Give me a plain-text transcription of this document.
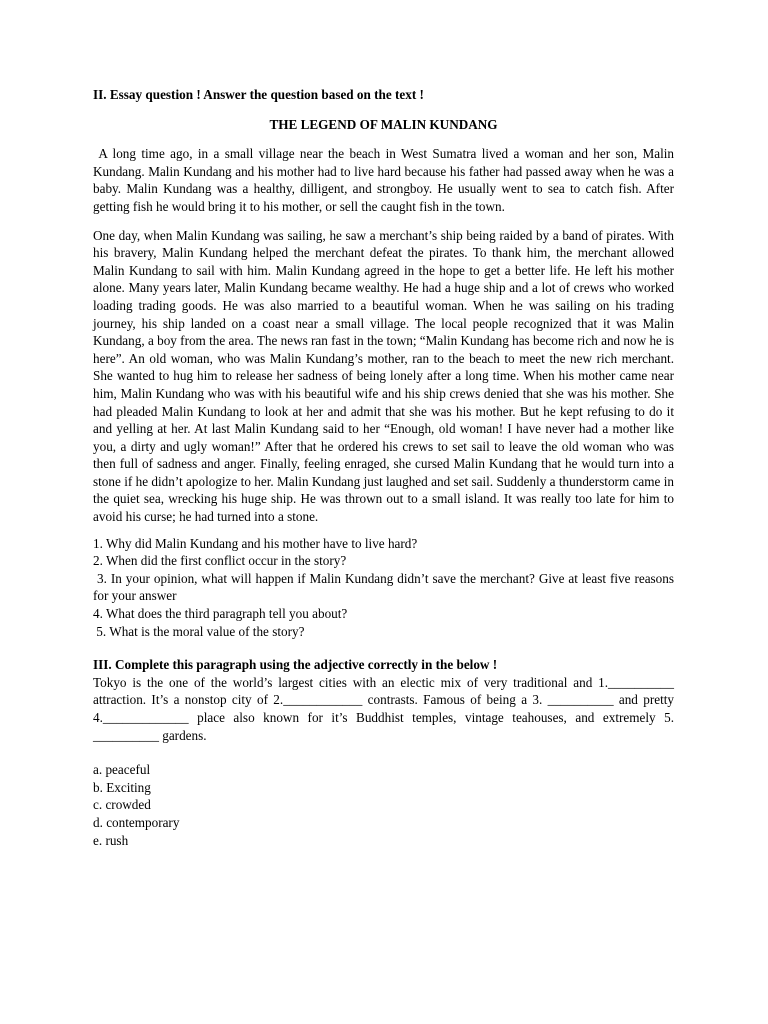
II. Essay question ! Answer the question based on the text !

THE LEGEND OF MALIN KUNDANG

A long time ago, in a small village near the beach in West Sumatra lived a woman and her son, Malin Kundang. Malin Kundang and his mother had to live hard because his father had passed away when he was a baby. Malin Kundang was a healthy, dilligent, and strongboy. He usually went to sea to catch fish. After getting fish he would bring it to his mother, or sell the caught fish in the town.

One day, when Malin Kundang was sailing, he saw a merchant’s ship being raided by a band of pirates. With his bravery, Malin Kundang helped the merchant defeat the pirates. To thank him, the merchant allowed Malin Kundang to sail with him. Malin Kundang agreed in the hope to get a better life. He left his mother alone. Many years later, Malin Kundang became wealthy. He had a huge ship and a lot of crews who worked loading trading goods. He was also married to a beautiful woman. When he was sailing on his trading journey, his ship landed on a coast near a small village. The local people recognized that it was Malin Kundang, a boy from the area. The news ran fast in the town; “Malin Kundang has become rich and now he is here”. An old woman, who was Malin Kundang’s mother, ran to the beach to meet the new rich merchant. She wanted to hug him to release her sadness of being lonely after a long time. When his mother came near him, Malin Kundang who was with his beautiful wife and his ship crews denied that she was his mother. She had pleaded Malin Kundang to look at her and admit that she was his mother. But he kept refusing to do it and yelling at her. At last Malin Kundang said to her “Enough, old woman! I have never had a mother like you, a dirty and ugly woman!” After that he ordered his crews to set sail to leave the old woman who was then full of sadness and anger. Finally, feeling enraged, she cursed Malin Kundang that he would turn into a stone if he didn’t apologize to her. Malin Kundang just laughed and set sail. Suddenly a thunderstorm came in the quiet sea, wrecking his huge ship. He was thrown out to a small island. It was really too late for him to avoid his curse; he had turned into a stone.

1. Why did Malin Kundang and his mother have to live hard?

2. When did the first conflict occur in the story?

3. In your opinion, what will happen if Malin Kundang didn’t save the merchant? Give at least five reasons for your answer

4. What does the third paragraph tell you about?

5. What is the moral value of the story?

III. Complete this paragraph using the adjective correctly in the below !

Tokyo is the one of the world’s largest cities with an electic mix of very traditional and 1.__________ attraction. It’s a nonstop city of 2.____________ contrasts. Famous of being a 3. __________ and pretty 4._____________ place also known for it’s Buddhist temples, vintage teahouses, and extremely 5. __________ gardens.

a. peaceful

b. Exciting

c. crowded

d. contemporary

e. rush
